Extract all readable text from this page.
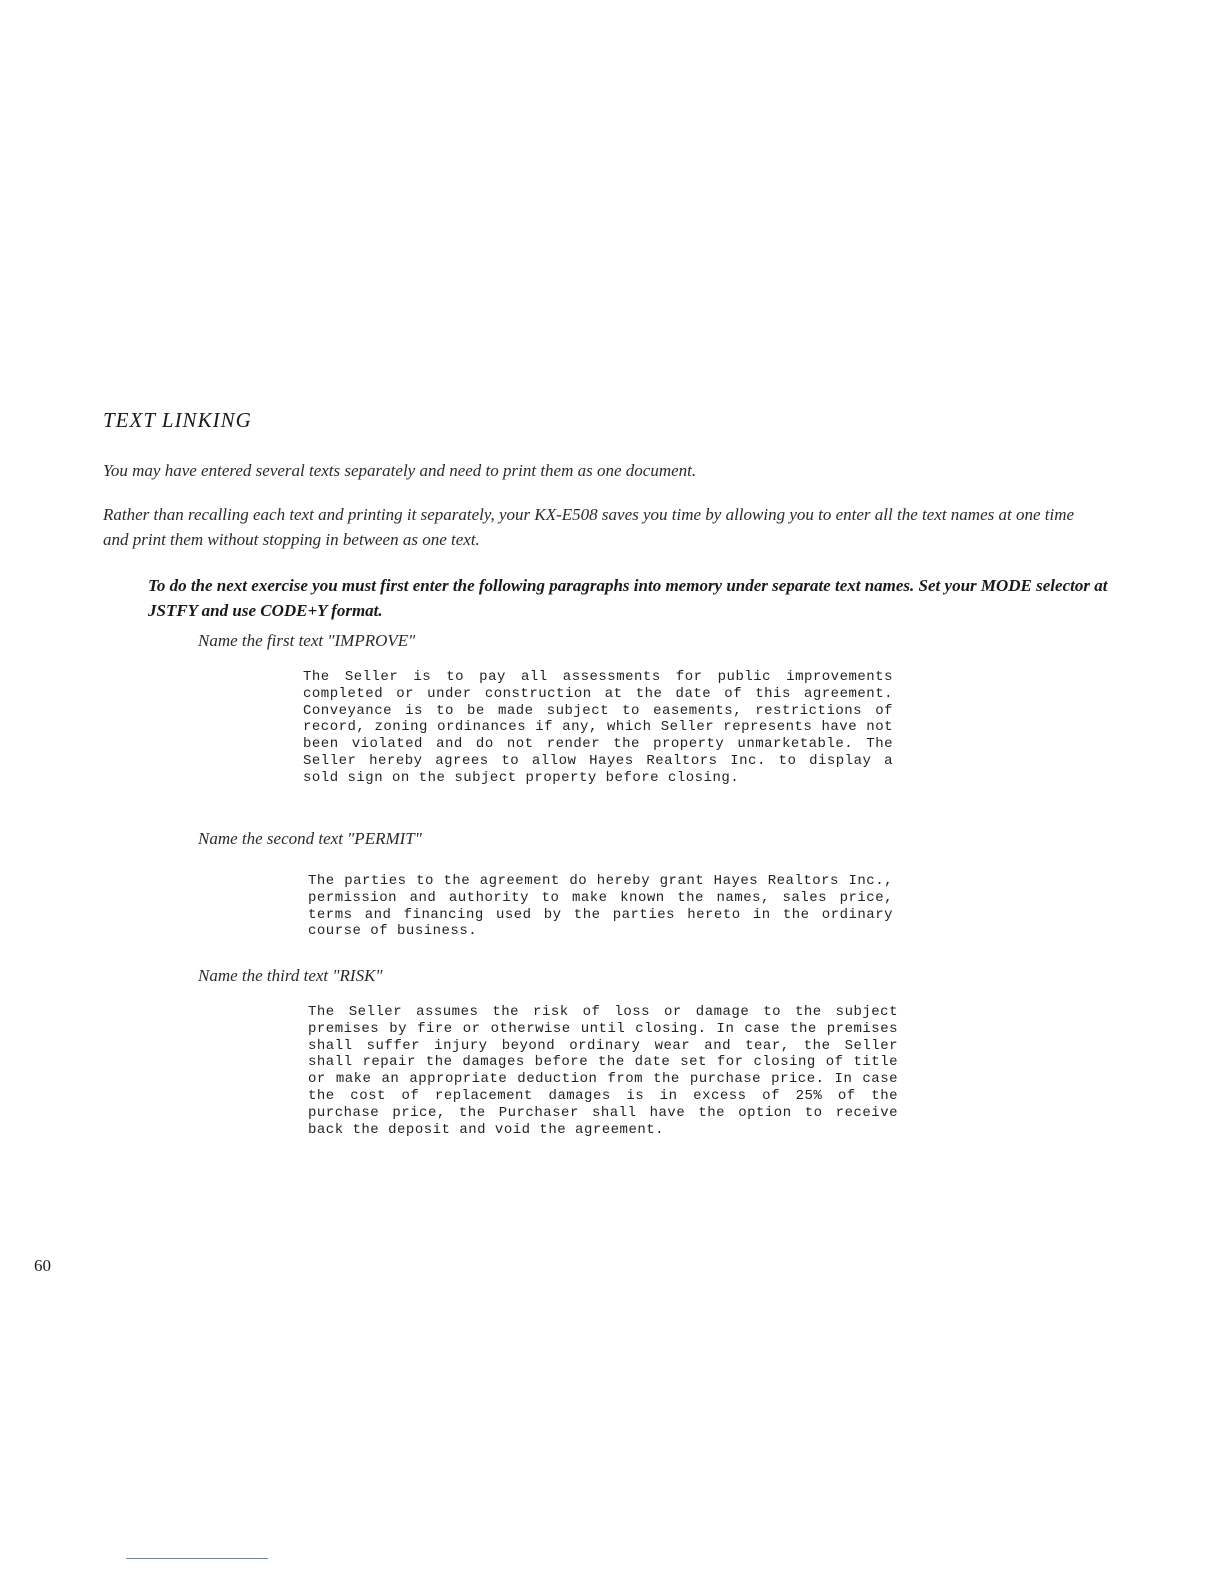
TEXT LINKING

You may have entered several texts separately and need to print them as one document.

Rather than recalling each text and printing it separately, your KX-E508 saves you time by allowing you to enter all the text names at one time and print them without stopping in between as one text.

To do the next exercise you must first enter the following paragraphs into memory under separate text names. Set your MODE selector at JSTFY and use CODE+Y format.

Name the first text "IMPROVE"

The Seller is to pay all assessments for public improvements completed or under construction at the date of this agreement. Conveyance is to be made subject to easements, restrictions of record, zoning ordinances if any, which Seller represents have not been violated and do not render the property unmarketable. The Seller hereby agrees to allow Hayes Realtors Inc. to display a sold sign on the subject property before closing.

Name the second text "PERMIT"

The parties to the agreement do hereby grant Hayes Realtors Inc., permission and authority to make known the names, sales price, terms and financing used by the parties hereto in the ordinary course of business.

Name the third text "RISK"

The Seller assumes the risk of loss or damage to the subject premises by fire or otherwise until closing. In case the premises shall suffer injury beyond ordinary wear and tear, the Seller shall repair the damages before the date set for closing of title or make an appropriate deduction from the purchase price. In case the cost of replacement damages is in excess of 25% of the purchase price, the Purchaser shall have the option to receive back the deposit and void the agreement.

60
